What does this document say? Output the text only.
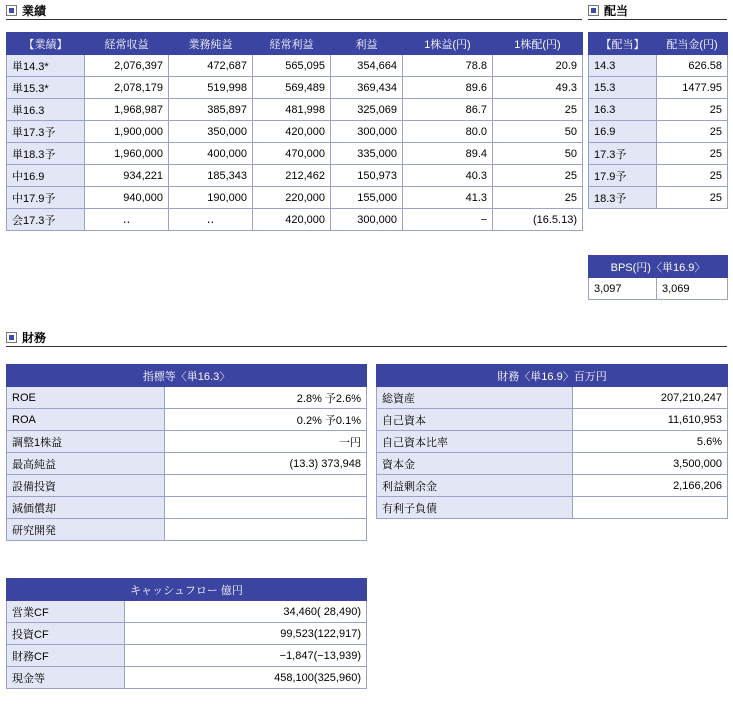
業績
【業績】	経常収益	業務純益	経常利益	利益	1株益(円)	1株配(円)
単14.3*	2,076,397	472,687	565,095	354,664	78.8	20.9
単15.3*	2,078,179	519,998	569,489	369,434	89.6	49.3
単16.3	1,968,987	385,897	481,998	325,069	86.7	25
単17.3予	1,900,000	350,000	420,000	300,000	80.0	50
単18.3予	1,960,000	400,000	470,000	335,000	89.4	50
中16.9	934,221	185,343	212,462	150,973	40.3	25
中17.9予	940,000	190,000	220,000	155,000	41.3	25
会17.3予	‥	‥	420,000	300,000	−	(16.5.13)
配当
【配当】	配当金(円)
14.3	626.58
15.3	1477.95
16.3	25
16.9	25
17.3予	25
17.9予	25
18.3予	25
BPS(円)〈単16.9〉
3,097	3,069
財務
指標等〈単16.3〉	
ROE	2.8% 予2.6%
ROA	0.2% 予0.1%
調整1株益	一円
最高純益	(13.3) 373,948
設備投資	
減価償却	
研究開発	
財務〈単16.9〉百万円	
総資産	207,210,247
自己資本	11,610,953
自己資本比率	5.6%
資本金	3,500,000
利益剰余金	2,166,206
有利子負債	
キャッシュフロー 億円	
営業CF	34,460( 28,490)
投資CF	99,523(122,917)
財務CF	−1,847(−13,939)
現金等	458,100(325,960)
